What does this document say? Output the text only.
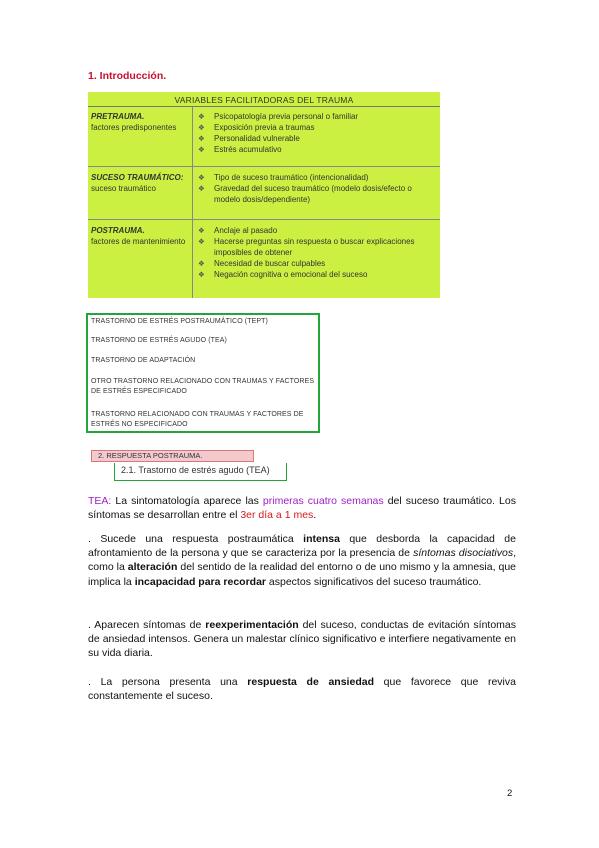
1. Introducción.
VARIABLES FACILITADORAS DEL TRAUMA
PRETRAUMA.
factores predisponentes
❖ Psicopatología previa personal o familiar
❖ Exposición previa a traumas
❖ Personalidad vulnerable
❖ Estrés acumulativo
SUCESO TRAUMÁTICO:
suceso traumático
❖ Tipo de suceso traumático (intencionalidad)
❖ Gravedad del suceso traumático (modelo dosis/efecto o modelo dosis/dependiente)
POSTRAUMA.
factores de mantenimiento
❖ Anclaje al pasado
❖ Hacerse preguntas sin respuesta o buscar explicaciones imposibles de obtener
❖ Necesidad de buscar culpables
❖ Negación cognitiva o emocional del suceso
TRASTORNO DE ESTRÉS POSTRAUMÁTICO (TEPT)
TRASTORNO DE ESTRÉS AGUDO (TEA)
TRASTORNO DE ADAPTACIÓN
OTRO TRASTORNO RELACIONADO CON TRAUMAS Y FACTORES DE ESTRÉS ESPECIFICADO
TRASTORNO RELACIONADO CON TRAUMAS Y FACTORES DE ESTRÉS NO ESPECIFICADO
2. RESPUESTA POSTRAUMA.
2.1. Trastorno de estrés agudo (TEA)
TEA: La sintomatología aparece las primeras cuatro semanas del suceso traumático. Los síntomas se desarrollan entre el 3er día a 1 mes.
. Sucede una respuesta postraumática intensa que desborda la capacidad de afrontamiento de la persona y que se caracteriza por la presencia de síntomas disociativos, como la alteración del sentido de la realidad del entorno o de uno mismo y la amnesia, que implica la incapacidad para recordar aspectos significativos del suceso traumático.
. Aparecen síntomas de reexperimentación del suceso, conductas de evitación síntomas de ansiedad intensos. Genera un malestar clínico significativo e interfiere negativamente en su vida diaria.
. La persona presenta una respuesta de ansiedad que favorece que reviva constantemente el suceso.
2
